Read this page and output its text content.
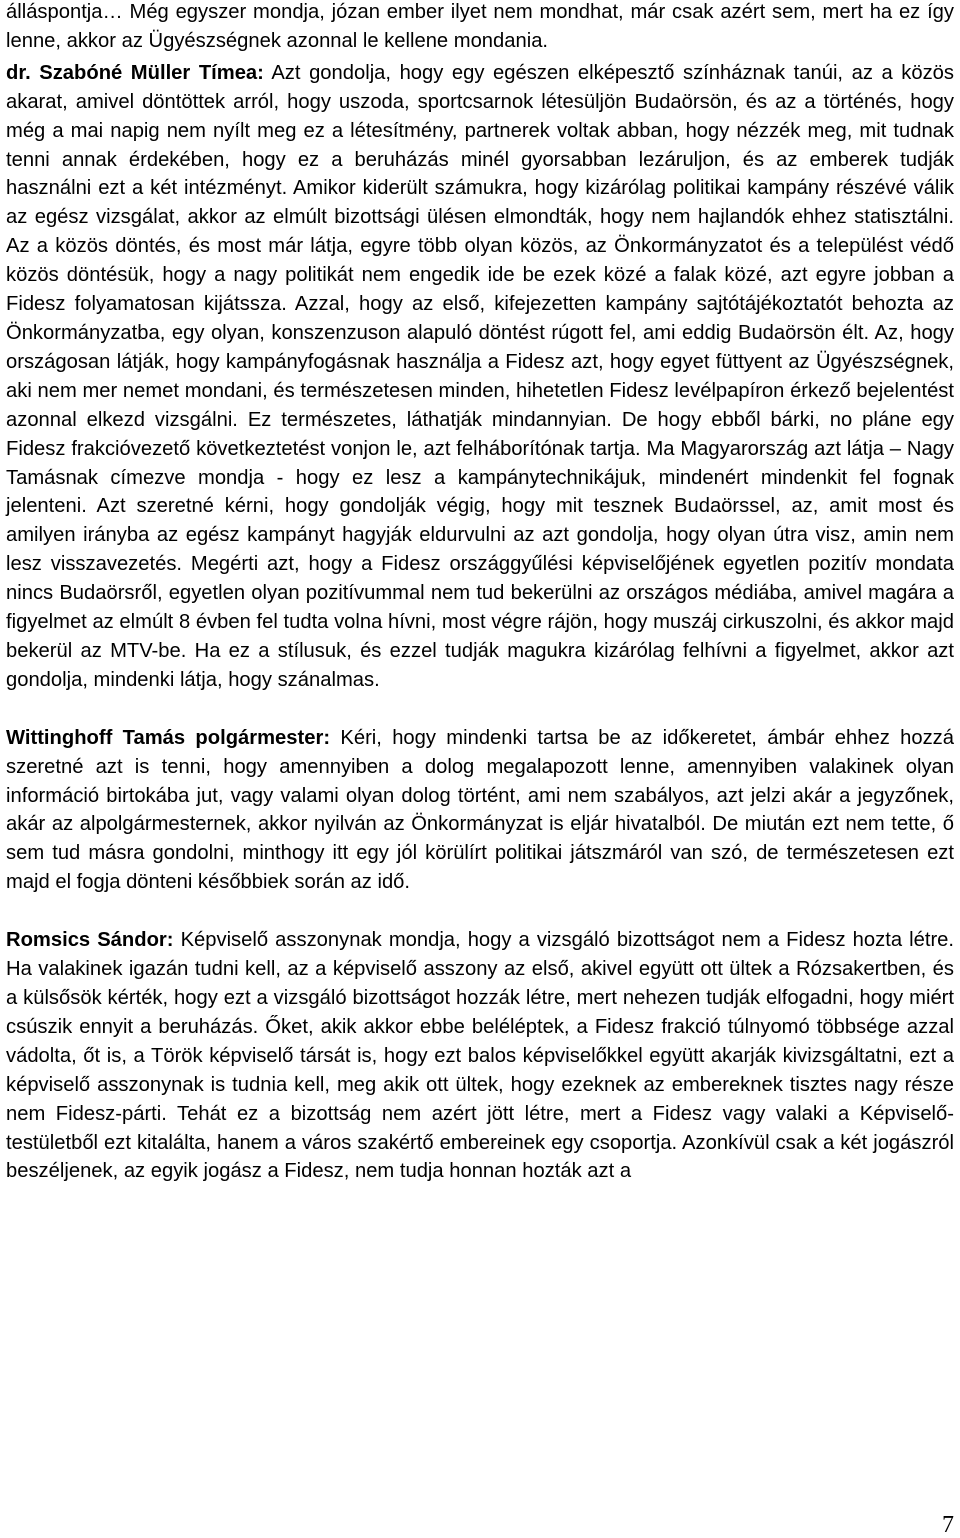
álláspontja… Még egyszer mondja, józan ember ilyet nem mondhat, már csak azért sem, mert ha ez így lenne, akkor az Ügyészségnek azonnal le kellene mondania.

dr. Szabóné Müller Tímea: Azt gondolja, hogy egy egészen elképesztő színháznak tanúi, az a közös akarat, amivel döntöttek arról, hogy uszoda, sportcsarnok létesüljön Budaörsön, és az a történés, hogy még a mai napig nem nyílt meg ez a létesítmény, partnerek voltak abban, hogy nézzék meg, mit tudnak tenni annak érdekében, hogy ez a beruházás minél gyorsabban lezáruljon, és az emberek tudják használni ezt a két intézményt. Amikor kiderült számukra, hogy kizárólag politikai kampány részévé válik az egész vizsgálat, akkor az elmúlt bizottsági ülésen elmondták, hogy nem hajlandók ehhez statisztálni. Az a közös döntés, és most már látja, egyre több olyan közös, az Önkormányzatot és a települést védő közös döntésük, hogy a nagy politikát nem engedik ide be ezek közé a falak közé, azt egyre jobban a Fidesz folyamatosan kijátssza. Azzal, hogy az első, kifejezetten kampány sajtótájékoztatót behozta az Önkormányzatba, egy olyan, konszenzuson alapuló döntést rúgott fel, ami eddig Budaörsön élt. Az, hogy országosan látják, hogy kampányfogásnak használja a Fidesz azt, hogy egyet füttyent az Ügyészségnek, aki nem mer nemet mondani, és természetesen minden, hihetetlen Fidesz levélpapíron érkező bejelentést azonnal elkezd vizsgálni. Ez természetes, láthatják mindannyian. De hogy ebből bárki, no pláne egy Fidesz frakcióvezető következtetést vonjon le, azt felháborítónak tartja. Ma Magyarország azt látja – Nagy Tamásnak címezve mondja - hogy ez lesz a kampánytechnikájuk, mindenért mindenkit fel fognak jelenteni. Azt szeretné kérni, hogy gondolják végig, hogy mit tesznek Budaörssel, az, amit most és amilyen irányba az egész kampányt hagyják eldurvulni az azt gondolja, hogy olyan útra visz, amin nem lesz visszavezetés. Megérti azt, hogy a Fidesz országgyűlési képviselőjének egyetlen pozitív mondata nincs Budaörsről, egyetlen olyan pozitívummal nem tud bekerülni az országos médiába, amivel magára a figyelmet az elmúlt 8 évben fel tudta volna hívni, most végre rájön, hogy muszáj cirkuszolni, és akkor majd bekerül az MTV-be. Ha ez a stílusuk, és ezzel tudják magukra kizárólag felhívni a figyelmet, akkor azt gondolja, mindenki látja, hogy szánalmas.

Wittinghoff Tamás polgármester: Kéri, hogy mindenki tartsa be az időkeretet, ámbár ehhez hozzá szeretné azt is tenni, hogy amennyiben a dolog megalapozott lenne, amennyiben valakinek olyan információ birtokába jut, vagy valami olyan dolog történt, ami nem szabályos, azt jelzi akár a jegyzőnek, akár az alpolgármesternek, akkor nyilván az Önkormányzat is eljár hivatalból. De miután ezt nem tette, ő sem tud másra gondolni, minthogy itt egy jól körülírt politikai játszmáról van szó, de természetesen ezt majd el fogja dönteni későbbiek során az idő.

Romsics Sándor: Képviselő asszonynak mondja, hogy a vizsgáló bizottságot nem a Fidesz hozta létre. Ha valakinek igazán tudni kell, az a képviselő asszony az első, akivel együtt ott ültek a Rózsakertben, és a külsősök kérték, hogy ezt a vizsgáló bizottságot hozzák létre, mert nehezen tudják elfogadni, hogy miért csúszik ennyit a beruházás. Őket, akik akkor ebbe beléléptek, a Fidesz frakció túlnyomó többsége azzal vádolta, őt is, a Török képviselő társát is, hogy ezt balos képviselőkkel együtt akarják kivizsgáltatni, ezt a képviselő asszonynak is tudnia kell, meg akik ott ültek, hogy ezeknek az embereknek tisztes nagy része nem Fidesz-párti. Tehát ez a bizottság nem azért jött létre, mert a Fidesz vagy valaki a Képviselő-testületből ezt kitalálta, hanem a város szakértő embereinek egy csoportja. Azonkívül csak a két jogászról beszéljenek, az egyik jogász a Fidesz, nem tudja honnan hozták azt a

7
